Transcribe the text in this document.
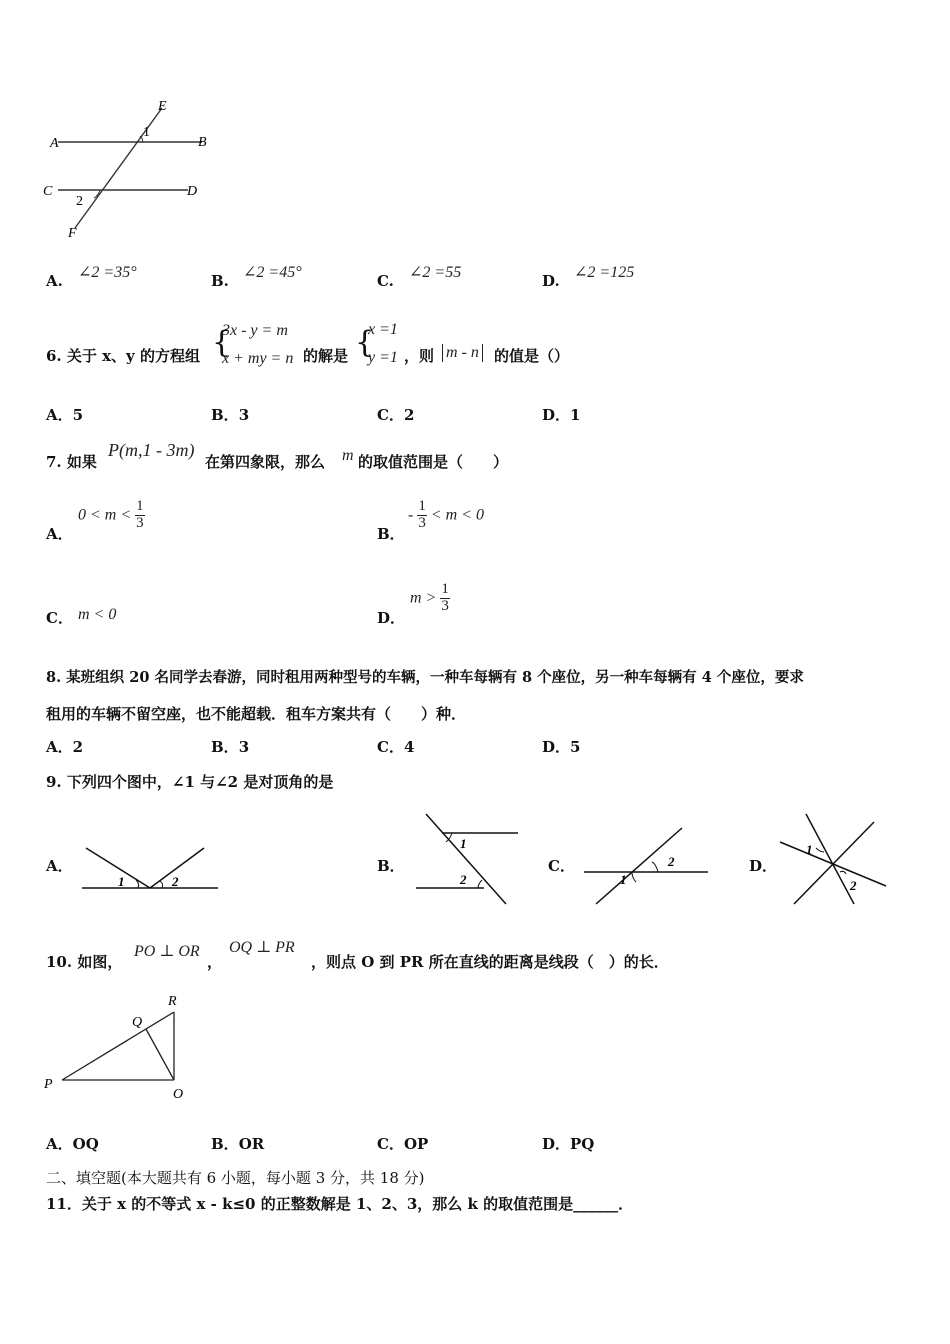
E
A
1
B
C	D
2
F
A. ∠2 =35°	B. ∠2 =45°	C. ∠2 =55	D. ∠2 =125
6. 关于 x、y 的方程组 {
3x - y = m
x + my = n 的解是 {
x =1
y =1 ，则 m - n 的值是（）
A．5	B．3	C．2	D．1
7. 如果
P(m,1 - 3m)
在第四象限，那么 m 的取值范围是（　　）
A．
$0 < m < \frac{1}{3}$
B．
- $\frac{1}{3} < m < 0$
C． m < 0	D．
$m > \frac{1}{3}$
8. 某班组织 20 名同学去春游，同时租用两种型号的车辆，一种车每辆有 8 个座位，另一种车每辆有 4 个座位，要求
租用的车辆不留空座，也不能超载．租车方案共有（　　）种．
A．2	B．3	C．4	D．5
9. 下列四个图中，∠1 与∠2 是对顶角的是
A．
1	2
B．
1
2
C．	2
1
D．
1
2
10. 如图，
PO ⊥ OR
，
OQ ⊥ PR
，则点 O 到 PR 所在直线的距离是线段（　）的长．
R
Q
P
O
A．OQ	B．OR	C．OP	D．PQ
二、填空题(本大题共有 6 小题，每小题 3 分，共 18 分)
11．关于 x 的不等式 x - k≤0 的正整数解是 1、2、3，那么 k 的取值范围是______．
